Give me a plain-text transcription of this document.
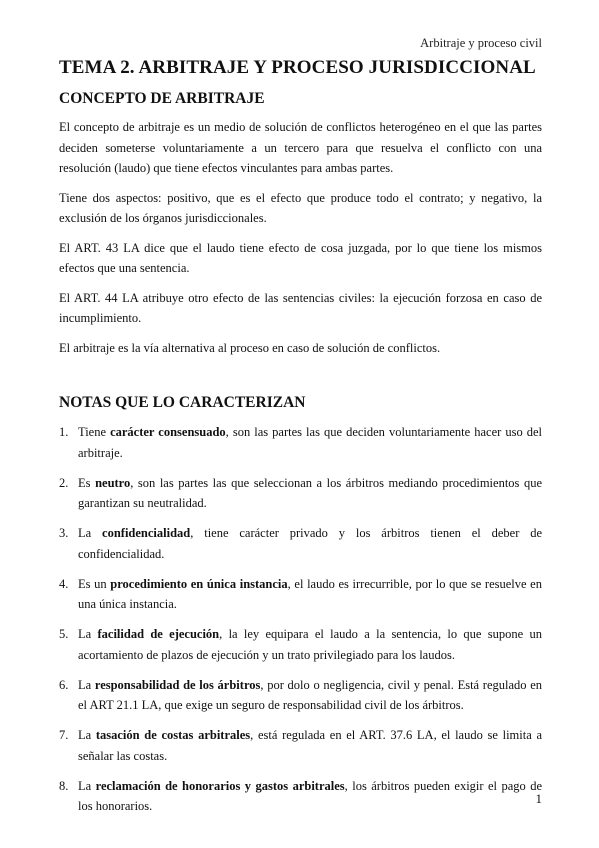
Arbitraje y proceso civil
TEMA 2. ARBITRAJE Y PROCESO JURISDICCIONAL
CONCEPTO DE ARBITRAJE

El concepto de arbitraje es un medio de solución de conflictos heterogéneo en el que las partes deciden someterse voluntariamente a un tercero para que resuelva el conflicto con una resolución (laudo) que tiene efectos vinculantes para ambas partes.

Tiene dos aspectos: positivo, que es el efecto que produce todo el contrato; y negativo, la exclusión de los órganos jurisdiccionales.

El ART. 43 LA dice que el laudo tiene efecto de cosa juzgada, por lo que tiene los mismos efectos que una sentencia.

El ART. 44 LA atribuye otro efecto de las sentencias civiles: la ejecución forzosa en caso de incumplimiento.

El arbitraje es la vía alternativa al proceso en caso de solución de conflictos.

NOTAS QUE LO CARACTERIZAN
1. Tiene carácter consensuado, son las partes las que deciden voluntariamente hacer uso del arbitraje.
2. Es neutro, son las partes las que seleccionan a los árbitros mediando procedimientos que garantizan su neutralidad.
3. La confidencialidad, tiene carácter privado y los árbitros tienen el deber de confidencialidad.
4. Es un procedimiento en única instancia, el laudo es irrecurrible, por lo que se resuelve en una única instancia.
5. La facilidad de ejecución, la ley equipara el laudo a la sentencia, lo que supone un acortamiento de plazos de ejecución y un trato privilegiado para los laudos.
6. La responsabilidad de los árbitros, por dolo o negligencia, civil y penal. Está regulado en el ART 21.1 LA, que exige un seguro de responsabilidad civil de los árbitros.
7. La tasación de costas arbitrales, está regulada en el ART. 37.6 LA, el laudo se limita a señalar las costas.
8. La reclamación de honorarios y gastos arbitrales, los árbitros pueden exigir el pago de los honorarios.	1
